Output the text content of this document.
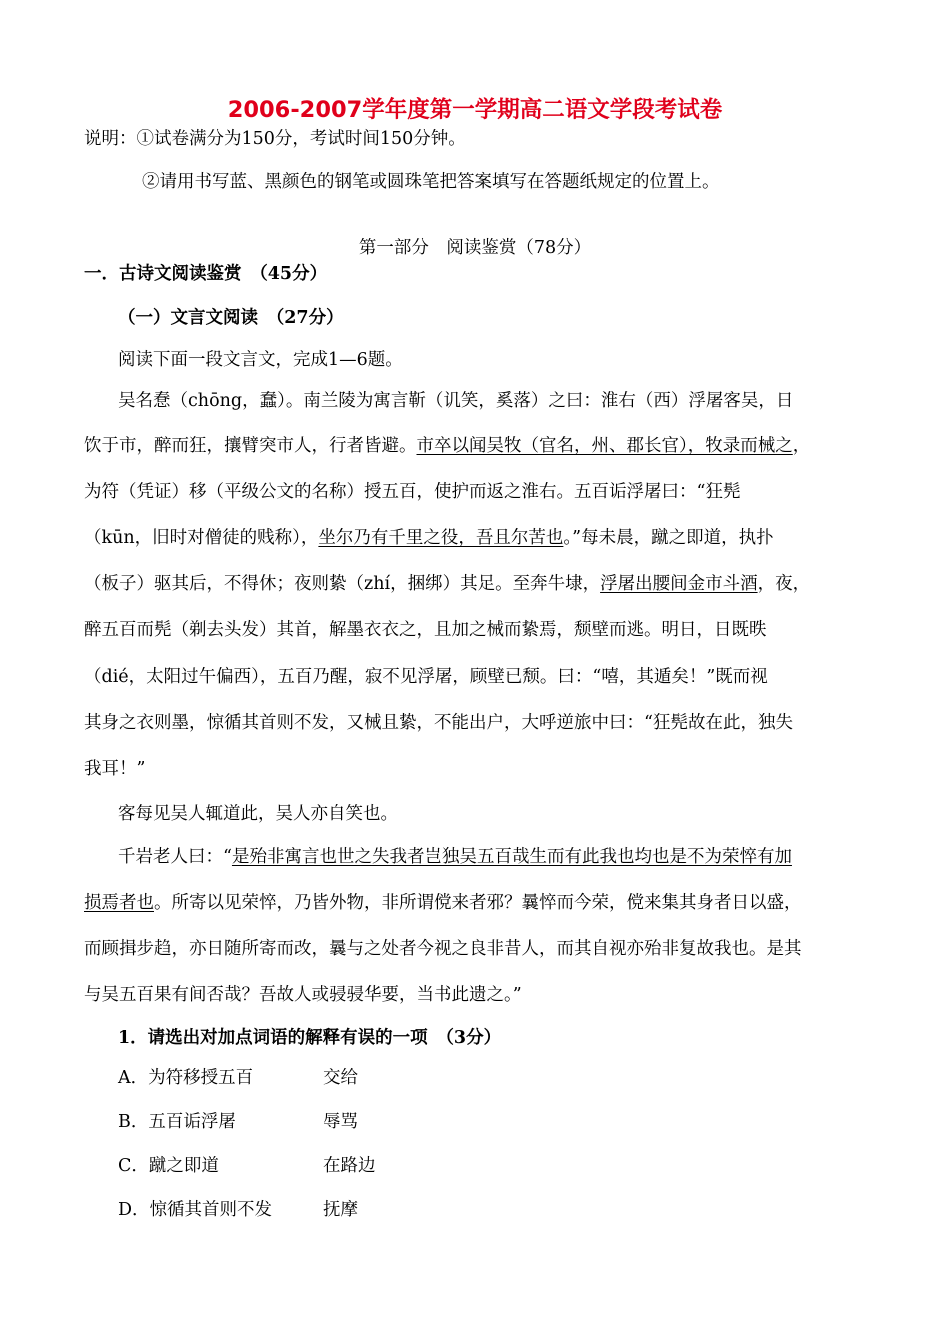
2006-2007学年度第一学期高二语文学段考试卷
说明：①试卷满分为150分，考试时间150分钟。
②请用书写蓝、黑颜色的钢笔或圆珠笔把答案填写在答题纸规定的位置上。
第一部分　阅读鉴赏（78分）
一．古诗文阅读鉴赏　（45分）
（一）文言文阅读　（27分）
阅读下面一段文言文，完成1—6题。
吴名惷（chōng，蠢）。南兰陵为寓言靳（讥笑，奚落）之曰：淮右（西）浮屠客吴，日
饮于市，醉而狂，攘臂突市人，行者皆避。市卒以闻吴牧（官名，州、郡长官），牧录而械之，
为符（凭证）移（平级公文的名称）授五百，使护而返之淮右。五百诟浮屠曰：“狂髡
（kūn，旧时对僧徒的贱称），坐尔乃有千里之役，吾且尔苦也。”每未晨，蹴之即道，执扑
（板子）驱其后，不得休；夜则絷（zhí，捆绑）其足。至奔牛埭，浮屠出腰间金市斗酒，夜，
醉五百而髡（剃去头发）其首，解墨衣衣之，且加之械而絷焉，颓壁而逃。明日，日既昳
（dié，太阳过午偏西），五百乃醒，寂不见浮屠，顾壁已颓。曰：“嘻，其遁矣！”既而视
其身之衣则墨，惊循其首则不发，又械且絷，不能出户，大呼逆旅中曰：“狂髡故在此，独失
我耳！”
客每见吴人辄道此，吴人亦自笑也。
千岩老人曰：“是殆非寓言也世之失我者岂独吴五百哉生而有此我也均也是不为荣悴有加
损焉者也。所寄以见荣悴，乃皆外物，非所谓傥来者邪？曩悴而今荣，傥来集其身者日以盛，
而顾揖步趋，亦日随所寄而改，曩与之处者今视之良非昔人，而其自视亦殆非复故我也。是其
与吴五百果有间否哉？吾故人或骎骎华要，当书此遗之。”
1．请选出对加点词语的解释有误的一项　（3分）
A．为符移授五百	交给
B．五百诟浮屠	辱骂
C．蹴之即道	在路边
D．惊循其首则不发	抚摩
